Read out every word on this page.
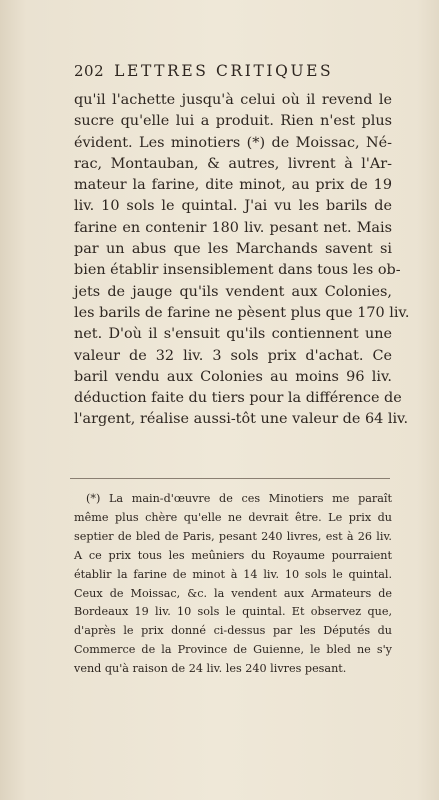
202 LETTRES CRITIQUES
qu'il l'achette jusqu'à celui où il revend le
sucre qu'elle lui a produit. Rien n'est plus
évident. Les minotiers (*) de Moissac, Né-
rac, Montauban, & autres, livrent à l'Ar-
mateur la farine, dite minot, au prix de 19
liv. 10 sols le quintal. J'ai vu les barils de
farine en contenir 180 liv. pesant net. Mais
par un abus que les Marchands savent si
bien établir insensiblement dans tous les ob-
jets de jauge qu'ils vendent aux Colonies,
les barils de farine ne pèsent plus que 170 liv.
net. D'où il s'ensuit qu'ils contiennent une
valeur de 32 liv. 3 sols prix d'achat. Ce
baril vendu aux Colonies au moins 96 liv.
déduction faite du tiers pour la différence de
l'argent, réalise aussi-tôt une valeur de 64 liv.
(*) La main-d'œuvre de ces Minotiers me paraît
même plus chère qu'elle ne devrait être. Le prix du
septier de bled de Paris, pesant 240 livres, est à 26 liv.
A ce prix tous les meûniers du Royaume pourraient
établir la farine de minot à 14 liv. 10 sols le quintal.
Ceux de Moissac, &c. la vendent aux Armateurs de
Bordeaux 19 liv. 10 sols le quintal. Et observez que,
d'après le prix donné ci-dessus par les Députés du
Commerce de la Province de Guienne, le bled ne s'y
vend qu'à raison de 24 liv. les 240 livres pesant.
